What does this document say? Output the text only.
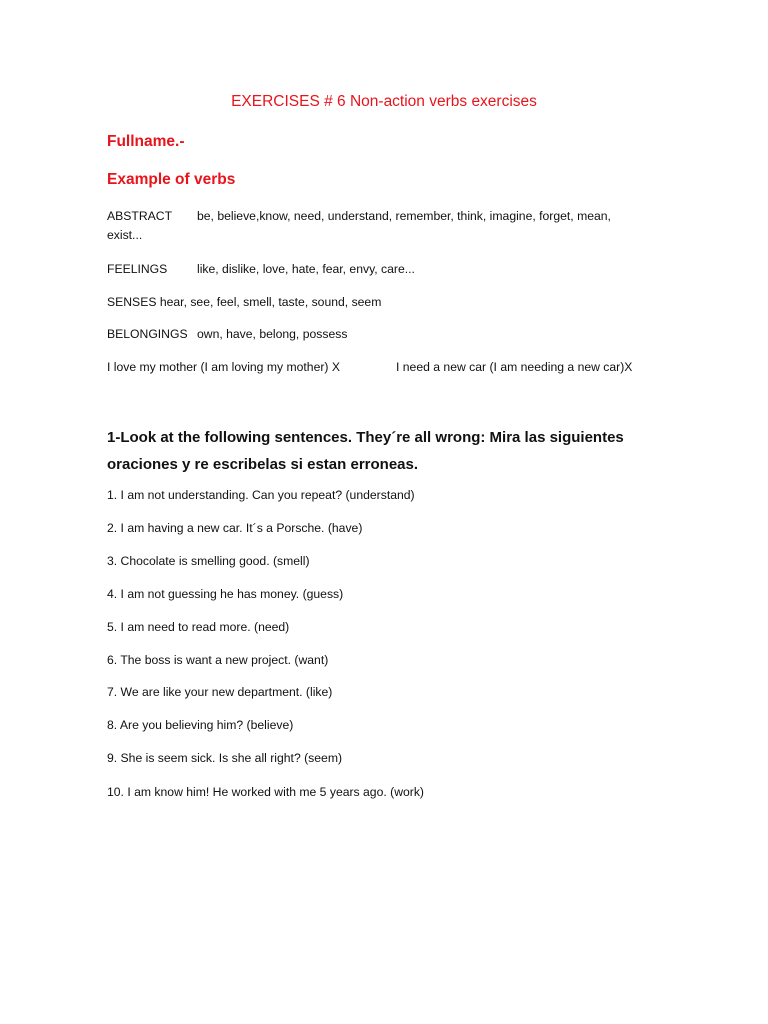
EXERCISES # 6 Non-action verbs exercises
Fullname.-
Example of verbs
ABSTRACT be, believe,know, need, understand, remember, think, imagine, forget, mean,
exist...
FEELINGS like, dislike, love, hate, fear, envy, care...
SENSES hear, see, feel, smell, taste, sound, seem
BELONGINGS own, have, belong, possess
I love my mother (I am loving my mother) X	I need a new car (I am needing a new car)X
1-Look at the following sentences. They´re all wrong: Mira las siguientes oraciones y re escribelas si estan erroneas.
1. I am not understanding. Can you repeat? (understand)
2. I am having a new car. It´s a Porsche. (have)
3. Chocolate is smelling good. (smell)
4. I am not guessing he has money. (guess)
5. I am need to read more. (need)
6. The boss is want a new project. (want)
7. We are like your new department. (like)
8. Are you believing him? (believe)
9. She is seem sick. Is she all right? (seem)
10. I am know him! He worked with me 5 years ago. (work)
